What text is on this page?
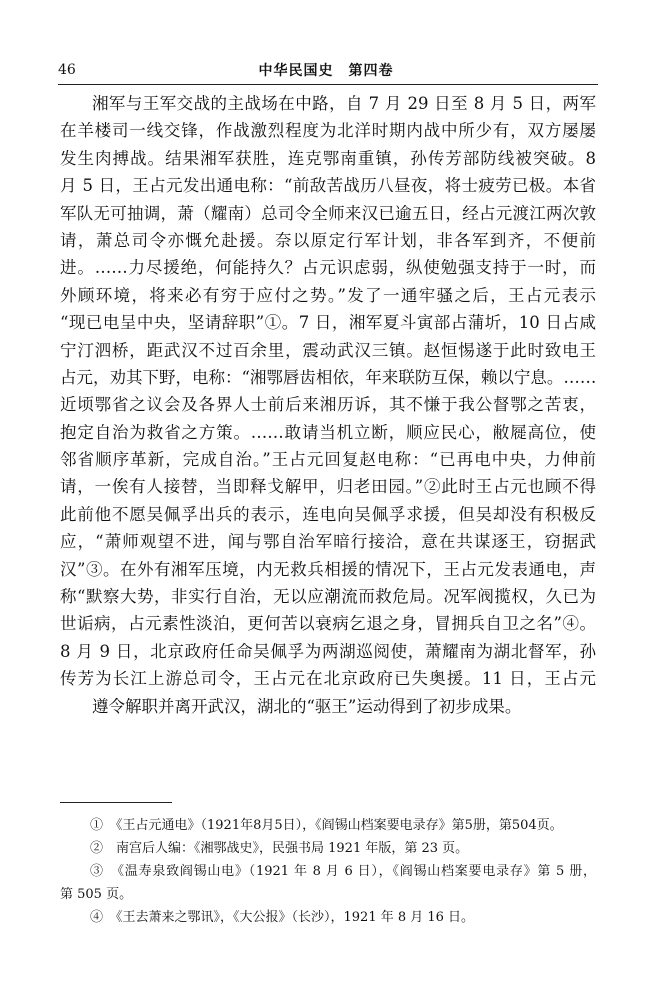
46	中华民国史　第四卷
湘军与王军交战的主战场在中路，自 7 月 29 日至 8 月 5 日，两军
在羊楼司一线交锋，作战激烈程度为北洋时期内战中所少有，双方屡屡
发生肉搏战。结果湘军获胜，连克鄂南重镇，孙传芳部防线被突破。8
月 5 日，王占元发出通电称：“前敌苦战历八昼夜，将士疲劳已极。本省
军队无可抽调，萧（耀南）总司令全师来汉已逾五日，经占元渡江两次敦
请，萧总司令亦慨允赴援。奈以原定行军计划，非各军到齐，不便前
进。……力尽援绝，何能持久？占元识虑弱，纵使勉强支持于一时，而
外顾环境，将来必有穷于应付之势。”发了一通牢骚之后，王占元表示
“现已电呈中央，坚请辞职”①。7 日，湘军夏斗寅部占蒲圻，10 日占咸
宁汀泗桥，距武汉不过百余里，震动武汉三镇。赵恒惕遂于此时致电王
占元，劝其下野，电称：“湘鄂唇齿相依，年来联防互保，赖以宁息。……
近顷鄂省之议会及各界人士前后来湘历诉，其不慊于我公督鄂之苦衷，
抱定自治为救省之方策。……敢请当机立断，顺应民心，敝屣高位，使
邻省顺序革新，完成自治。”王占元回复赵电称：“已再电中央，力伸前
请，一俟有人接替，当即释戈解甲，归老田园。”②此时王占元也顾不得
此前他不愿吴佩孚出兵的表示，连电向吴佩孚求援，但吴却没有积极反
应，“萧师观望不进，闻与鄂自治军暗行接洽，意在共谋逐王，窃据武
汉”③。在外有湘军压境，内无救兵相援的情况下，王占元发表通电，声
称“默察大势，非实行自治，无以应潮流而救危局。况军阀揽权，久已为
世诟病，占元素性淡泊，更何苦以衰病乞退之身，冒拥兵自卫之名”④。
8 月 9 日，北京政府任命吴佩孚为两湖巡阅使，萧耀南为湖北督军，孙
传芳为长江上游总司令，王占元在北京政府已失奥援。11 日，王占元
遵令解职并离开武汉，湖北的“驱王”运动得到了初步成果。
①　《王占元通电》（1921年8月5日），《阎锡山档案要电录存》第5册，第504页。
②　南宫后人编：《湘鄂战史》，民强书局 1921 年版，第 23 页。
③　《温寿泉致阎锡山电》（1921 年 8 月 6 日），《阎锡山档案要电录存》第 5 册，
第 505 页。
④　《王去萧来之鄂讯》，《大公报》（长沙），1921 年 8 月 16 日。
